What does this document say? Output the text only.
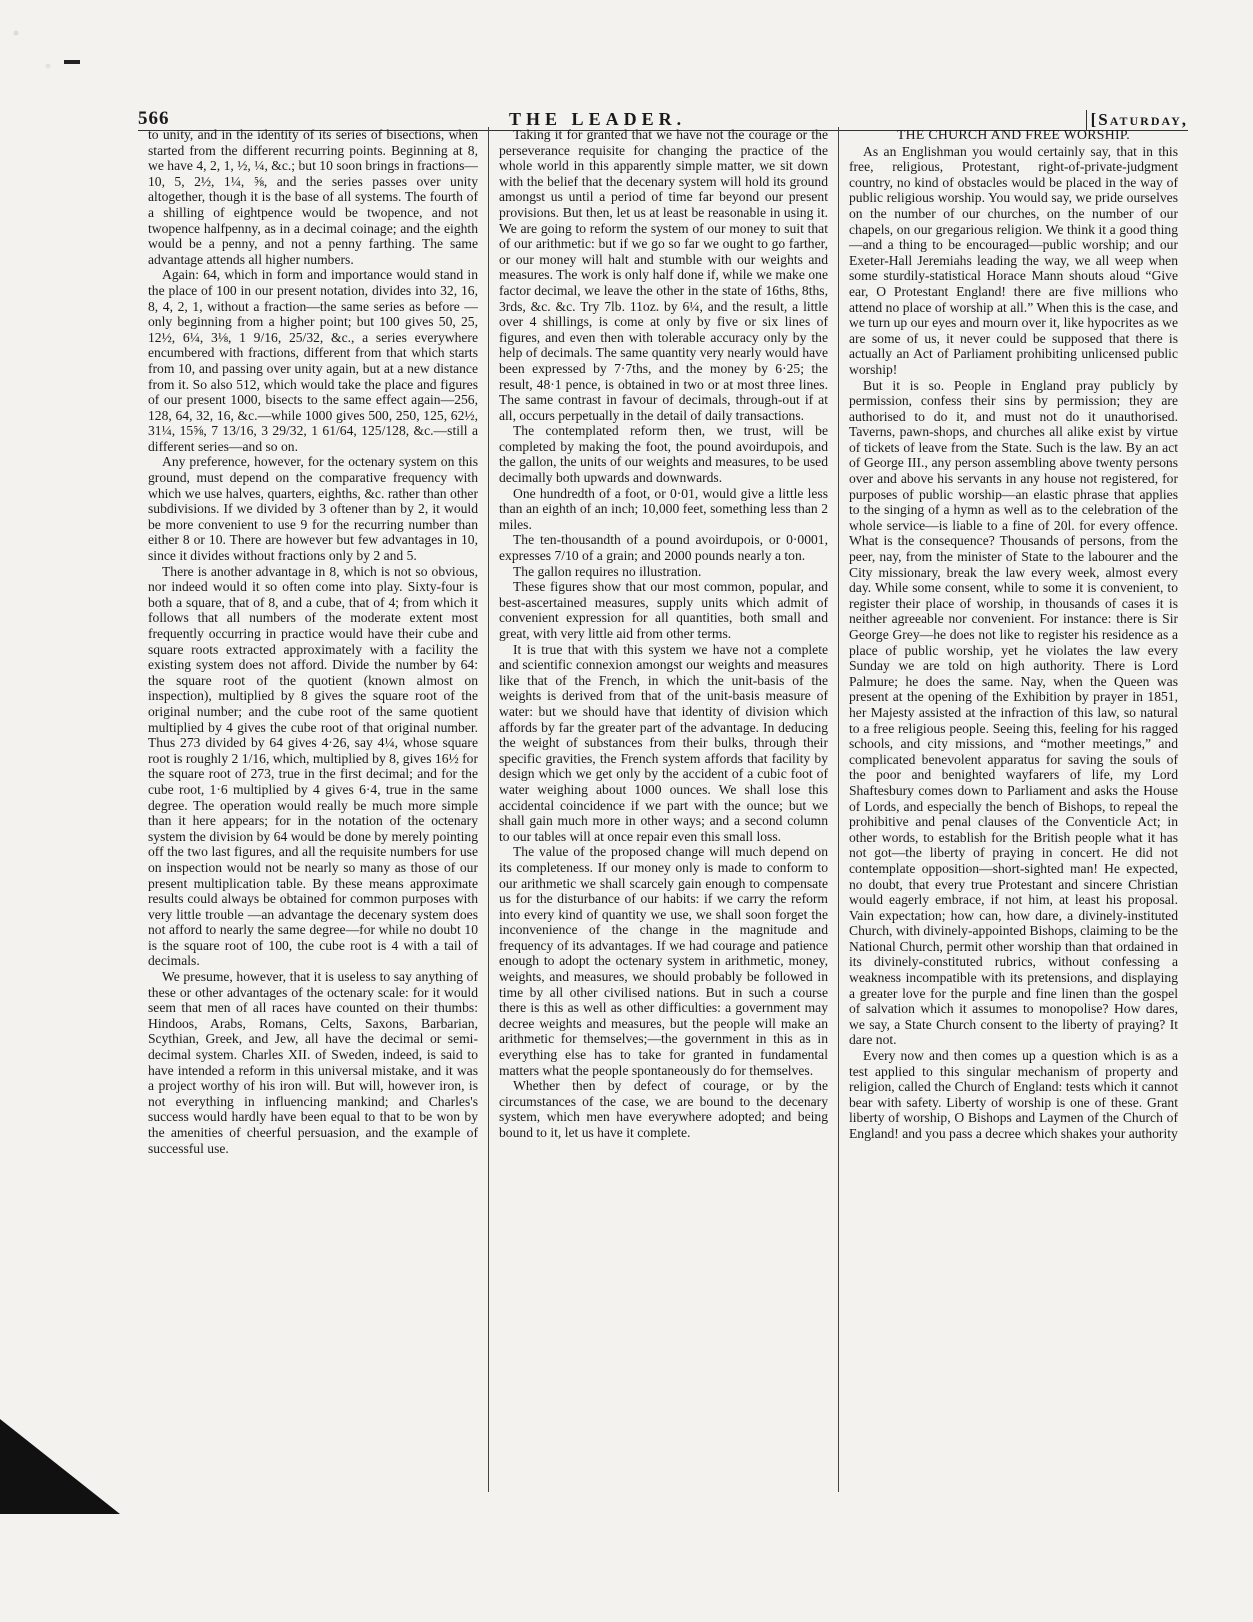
566	THE LEADER.	[Saturday,

to unity, and in the identity of its series of bisections, when started from the different recurring points. Beginning at 8, we have 4, 2, 1, ½, ¼, &c.; but 10 soon brings in fractions—10, 5, 2½, 1¼, ⅝, and the series passes over unity altogether, though it is the base of all systems. The fourth of a shilling of eightpence would be twopence, and not twopence halfpenny, as in a decimal coinage; and the eighth would be a penny, and not a penny farthing. The same advantage attends all higher numbers.

Again: 64, which in form and importance would stand in the place of 100 in our present notation, divides into 32, 16, 8, 4, 2, 1, without a fraction—the same series as before —only beginning from a higher point; but 100 gives 50, 25, 12½, 6¼, 3⅛, 1 9/16, 25/32, &c., a series everywhere encumbered with fractions, different from that which starts from 10, and passing over unity again, but at a new distance from it. So also 512, which would take the place and figures of our present 1000, bisects to the same effect again—256, 128, 64, 32, 16, &c.—while 1000 gives 500, 250, 125, 62½, 31¼, 15⅝, 7 13/16, 3 29/32, 1 61/64, 125/128, &c.—still a different series—and so on.

Any preference, however, for the octenary system on this ground, must depend on the comparative frequency with which we use halves, quarters, eighths, &c. rather than other subdivisions. If we divided by 3 oftener than by 2, it would be more convenient to use 9 for the recurring number than either 8 or 10. There are however but few advantages in 10, since it divides without fractions only by 2 and 5.

There is another advantage in 8, which is not so obvious, nor indeed would it so often come into play. Sixty-four is both a square, that of 8, and a cube, that of 4; from which it follows that all numbers of the moderate extent most frequently occurring in practice would have their cube and square roots extracted approximately with a facility the existing system does not afford. Divide the number by 64: the square root of the quotient (known almost on inspection), multiplied by 8 gives the square root of the original number; and the cube root of the same quotient multiplied by 4 gives the cube root of that original number. Thus 273 divided by 64 gives 4·26, say 4¼, whose square root is roughly 2 1/16, which, multiplied by 8, gives 16½ for the square root of 273, true in the first decimal; and for the cube root, 1·6 multiplied by 4 gives 6·4, true in the same degree. The operation would really be much more simple than it here appears; for in the notation of the octenary system the division by 64 would be done by merely pointing off the two last figures, and all the requisite numbers for use on inspection would not be nearly so many as those of our present multiplication table. By these means approximate results could always be obtained for common purposes with very little trouble —an advantage the decenary system does not afford to nearly the same degree—for while no doubt 10 is the square root of 100, the cube root is 4 with a tail of decimals.

We presume, however, that it is useless to say anything of these or other advantages of the octenary scale: for it would seem that men of all races have counted on their thumbs: Hindoos, Arabs, Romans, Celts, Saxons, Barbarian, Scythian, Greek, and Jew, all have the decimal or semi-decimal system. Charles XII. of Sweden, indeed, is said to have intended a reform in this universal mistake, and it was a project worthy of his iron will. But will, however iron, is not everything in influencing mankind; and Charles's success would hardly have been equal to that to be won by the amenities of cheerful persuasion, and the example of successful use.

Taking it for granted that we have not the courage or the perseverance requisite for changing the practice of the whole world in this apparently simple matter, we sit down with the belief that the decenary system will hold its ground amongst us until a period of time far beyond our present provisions. But then, let us at least be reasonable in using it. We are going to reform the system of our money to suit that of our arithmetic: but if we go so far we ought to go farther, or our money will halt and stumble with our weights and measures. The work is only half done if, while we make one factor decimal, we leave the other in the state of 16ths, 8ths, 3rds, &c. &c. Try 7lb. 11oz. by 6¼, and the result, a little over 4 shillings, is come at only by five or six lines of figures, and even then with tolerable accuracy only by the help of decimals. The same quantity very nearly would have been expressed by 7·7ths, and the money by 6·25; the result, 48·1 pence, is obtained in two or at most three lines. The same contrast in favour of decimals, through-out if at all, occurs perpetually in the detail of daily transactions.

The contemplated reform then, we trust, will be completed by making the foot, the pound avoirdupois, and the gallon, the units of our weights and measures, to be used decimally both upwards and downwards.

One hundredth of a foot, or 0·01, would give a little less than an eighth of an inch; 10,000 feet, something less than 2 miles.

The ten-thousandth of a pound avoirdupois, or 0·0001, expresses 7/10 of a grain; and 2000 pounds nearly a ton.

The gallon requires no illustration.

These figures show that our most common, popular, and best-ascertained measures, supply units which admit of convenient expression for all quantities, both small and great, with very little aid from other terms.

It is true that with this system we have not a complete and scientific connexion amongst our weights and measures like that of the French, in which the unit-basis of the weights is derived from that of the unit-basis measure of water: but we should have that identity of division which affords by far the greater part of the advantage. In deducing the weight of substances from their bulks, through their specific gravities, the French system affords that facility by design which we get only by the accident of a cubic foot of water weighing about 1000 ounces. We shall lose this accidental coincidence if we part with the ounce; but we shall gain much more in other ways; and a second column to our tables will at once repair even this small loss.

The value of the proposed change will much depend on its completeness. If our money only is made to conform to our arithmetic we shall scarcely gain enough to compensate us for the disturbance of our habits: if we carry the reform into every kind of quantity we use, we shall soon forget the inconvenience of the change in the magnitude and frequency of its advantages. If we had courage and patience enough to adopt the octenary system in arithmetic, money, weights, and measures, we should probably be followed in time by all other civilised nations. But in such a course there is this as well as other difficulties: a government may decree weights and measures, but the people will make an arithmetic for themselves;—the government in this as in everything else has to take for granted in fundamental matters what the people spontaneously do for themselves.

Whether then by defect of courage, or by the circumstances of the case, we are bound to the decenary system, which men have everywhere adopted; and being bound to it, let us have it complete.

THE CHURCH AND FREE WORSHIP.

As an Englishman you would certainly say, that in this free, religious, Protestant, right-of-private-judgment country, no kind of obstacles would be placed in the way of public religious worship. You would say, we pride ourselves on the number of our churches, on the number of our chapels, on our gregarious religion. We think it a good thing—and a thing to be encouraged—public worship; and our Exeter-Hall Jeremiahs leading the way, we all weep when some sturdily-statistical Horace Mann shouts aloud “Give ear, O Protestant England! there are five millions who attend no place of worship at all.” When this is the case, and we turn up our eyes and mourn over it, like hypocrites as we are some of us, it never could be supposed that there is actually an Act of Parliament prohibiting unlicensed public worship!

But it is so. People in England pray publicly by permission, confess their sins by permission; they are authorised to do it, and must not do it unauthorised. Taverns, pawn-shops, and churches all alike exist by virtue of tickets of leave from the State. Such is the law. By an act of George III., any person assembling above twenty persons over and above his servants in any house not registered, for purposes of public worship—an elastic phrase that applies to the singing of a hymn as well as to the celebration of the whole service—is liable to a fine of 20l. for every offence. What is the consequence? Thousands of persons, from the peer, nay, from the minister of State to the labourer and the City missionary, break the law every week, almost every day. While some consent, while to some it is convenient, to register their place of worship, in thousands of cases it is neither agreeable nor convenient. For instance: there is Sir George Grey—he does not like to register his residence as a place of public worship, yet he violates the law every Sunday we are told on high authority. There is Lord Palmure; he does the same. Nay, when the Queen was present at the opening of the Exhibition by prayer in 1851, her Majesty assisted at the infraction of this law, so natural to a free religious people. Seeing this, feeling for his ragged schools, and city missions, and “mother meetings,” and complicated benevolent apparatus for saving the souls of the poor and benighted wayfarers of life, my Lord Shaftesbury comes down to Parliament and asks the House of Lords, and especially the bench of Bishops, to repeal the prohibitive and penal clauses of the Conventicle Act; in other words, to establish for the British people what it has not got—the liberty of praying in concert. He did not contemplate opposition—short-sighted man! He expected, no doubt, that every true Protestant and sincere Christian would eagerly embrace, if not him, at least his proposal. Vain expectation; how can, how dare, a divinely-instituted Church, with divinely-appointed Bishops, claiming to be the National Church, permit other worship than that ordained in its divinely-constituted rubrics, without confessing a weakness incompatible with its pretensions, and displaying a greater love for the purple and fine linen than the gospel of salvation which it assumes to monopolise? How dares, we say, a State Church consent to the liberty of praying? It dare not.

Every now and then comes up a question which is as a test applied to this singular mechanism of property and religion, called the Church of England: tests which it cannot bear with safety. Liberty of worship is one of these. Grant liberty of worship, O Bishops and Laymen of the Church of England! and you pass a decree which shakes your authority
